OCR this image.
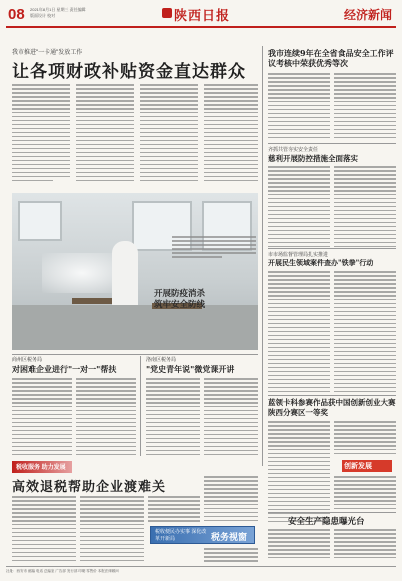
08 2021年8月1日 星期三 责任编辑 版面设计 校对	陕西日报	经济新闻
我市推进"一卡通"发放工作
让各项财政补贴资金直达群众
开展防疫消杀 筑牢安全防线
我市连续9年在全省食品安全工作评议考核中荣获优秀等次
齐抓共管夯实安全责任
慈利开展防控措施全面落实
市市场监督管理局扎实推进
开展民生领域案件查办"铁拳"行动
蓝领卡科参赛作品获中国创新创业大赛陕西分赛区一等奖
创新发展
安全生产隐患曝光台
商州区税务局
对困难企业进行"一对一"帮扶
洛南区税务局
"党史青年说"微党课开讲
税收服务 助力发展
高效退税帮助企业渡难关
税收便民办实事 深化改革开新局	税务视窗
社址：西安市 邮编 电话 总编室 广告部 发行部 印刷 零售价 本报法律顾问
